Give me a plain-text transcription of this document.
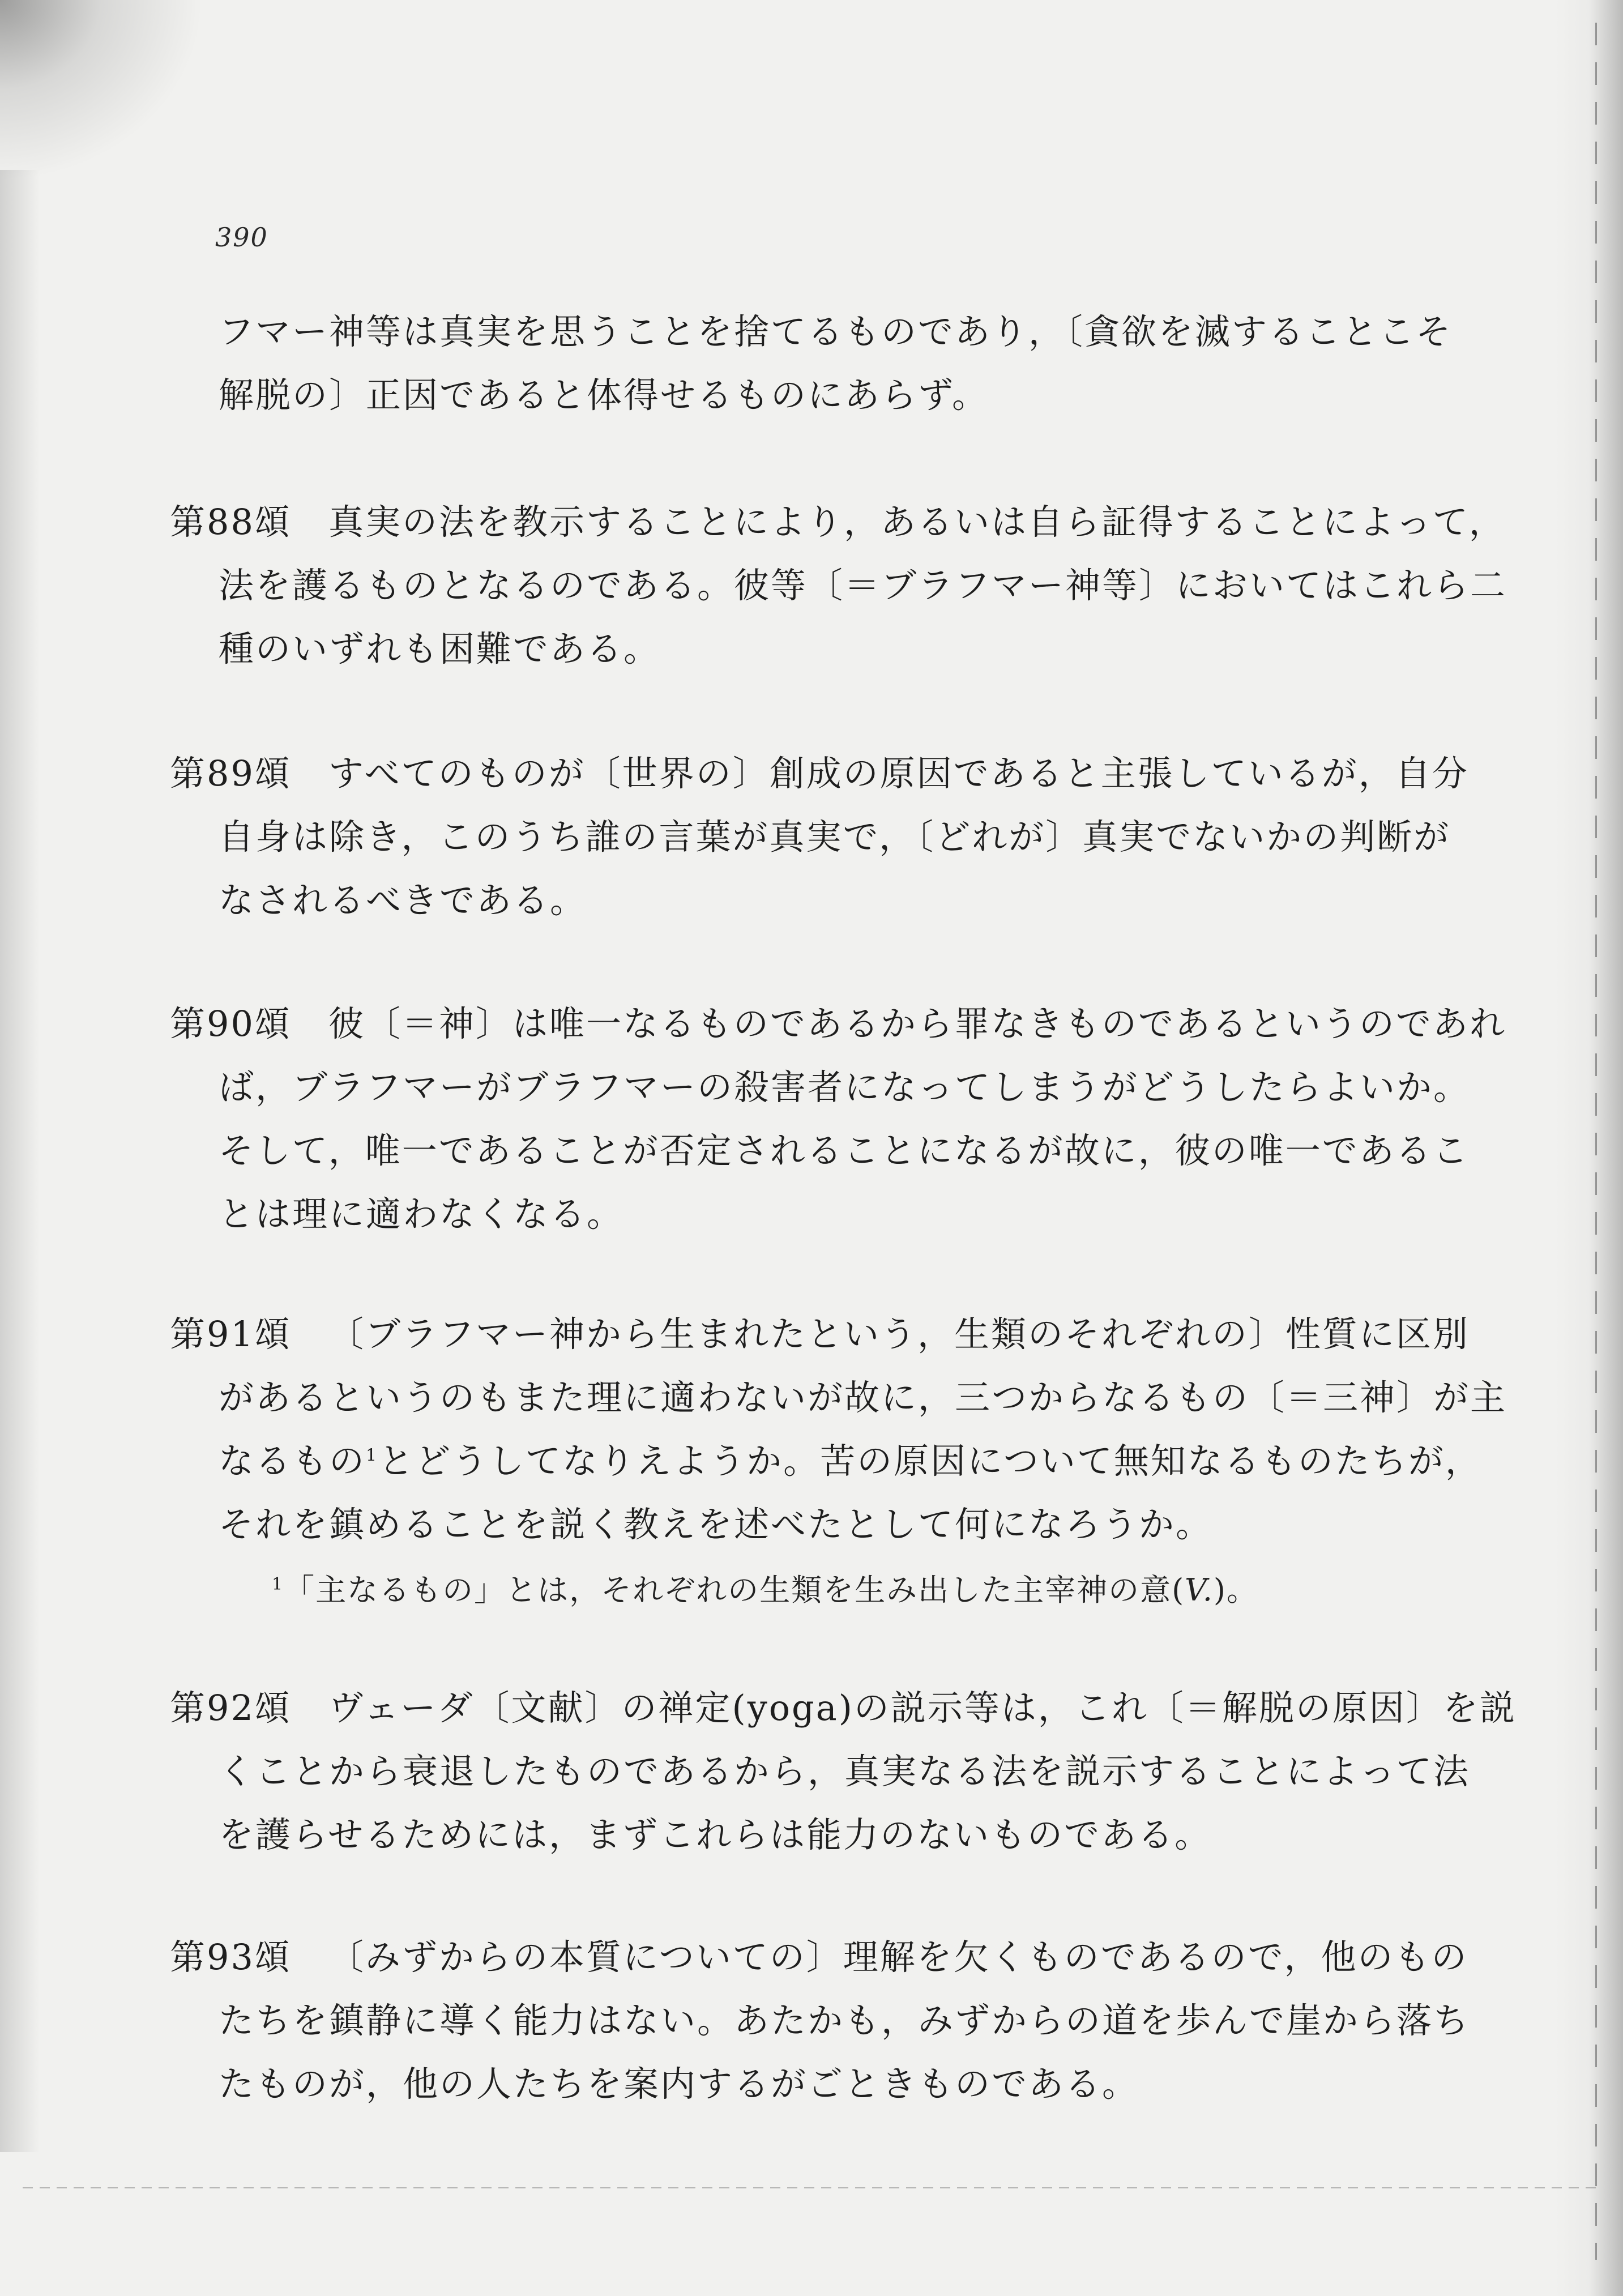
390
フマー神等は真実を思うことを捨てるものであり，〔貪欲を滅することこそ
解脱の〕正因であると体得せるものにあらず。
第88頌 真実の法を教示することにより，あるいは自ら証得することによって，
法を護るものとなるのである。彼等〔＝ブラフマー神等〕においてはこれら二
種のいずれも困難である。
第89頌 すべてのものが〔世界の〕創成の原因であると主張しているが，自分
自身は除き，このうち誰の言葉が真実で，〔どれが〕真実でないかの判断が
なされるべきである。
第90頌 彼〔＝神〕は唯一なるものであるから罪なきものであるというのであれ
ば，ブラフマーがブラフマーの殺害者になってしまうがどうしたらよいか。
そして，唯一であることが否定されることになるが故に，彼の唯一であるこ
とは理に適わなくなる。
第91頌 〔ブラフマー神から生まれたという，生類のそれぞれの〕性質に区別
があるというのもまた理に適わないが故に，三つからなるもの〔＝三神〕が主
なるもの$^1$とどうしてなりえようか。苦の原因について無知なるものたちが，
それを鎮めることを説く教えを述べたとして何になろうか。
$^1$「主なるもの」とは，それぞれの生類を生み出した主宰神の意(V.)。
第92頌 ヴェーダ〔文献〕の禅定(yoga)の説示等は，これ〔＝解脱の原因〕を説
くことから衰退したものであるから，真実なる法を説示することによって法
を護らせるためには，まずこれらは能力のないものである。
第93頌 〔みずからの本質についての〕理解を欠くものであるので，他のもの
たちを鎮静に導く能力はない。あたかも，みずからの道を歩んで崖から落ち
たものが，他の人たちを案内するがごときものである。
